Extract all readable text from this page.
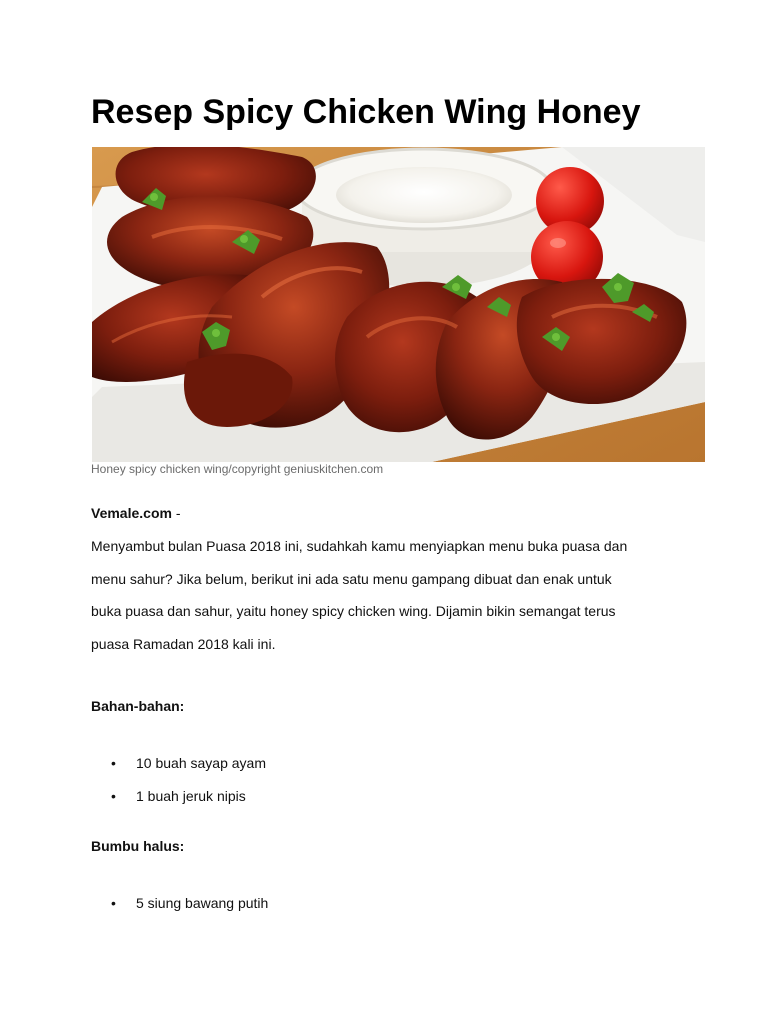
Resep Spicy Chicken Wing Honey
Honey spicy chicken wing/copyright geniuskitchen.com
Vemale.com -
Menyambut bulan Puasa 2018 ini, sudahkah kamu menyiapkan menu buka puasa dan
menu sahur? Jika belum, berikut ini ada satu menu gampang dibuat dan enak untuk
buka puasa dan sahur, yaitu honey spicy chicken wing. Dijamin bikin semangat terus
puasa Ramadan 2018 kali ini.
Bahan-bahan:
• 10 buah sayap ayam
• 1 buah jeruk nipis
Bumbu halus:
• 5 siung bawang putih
